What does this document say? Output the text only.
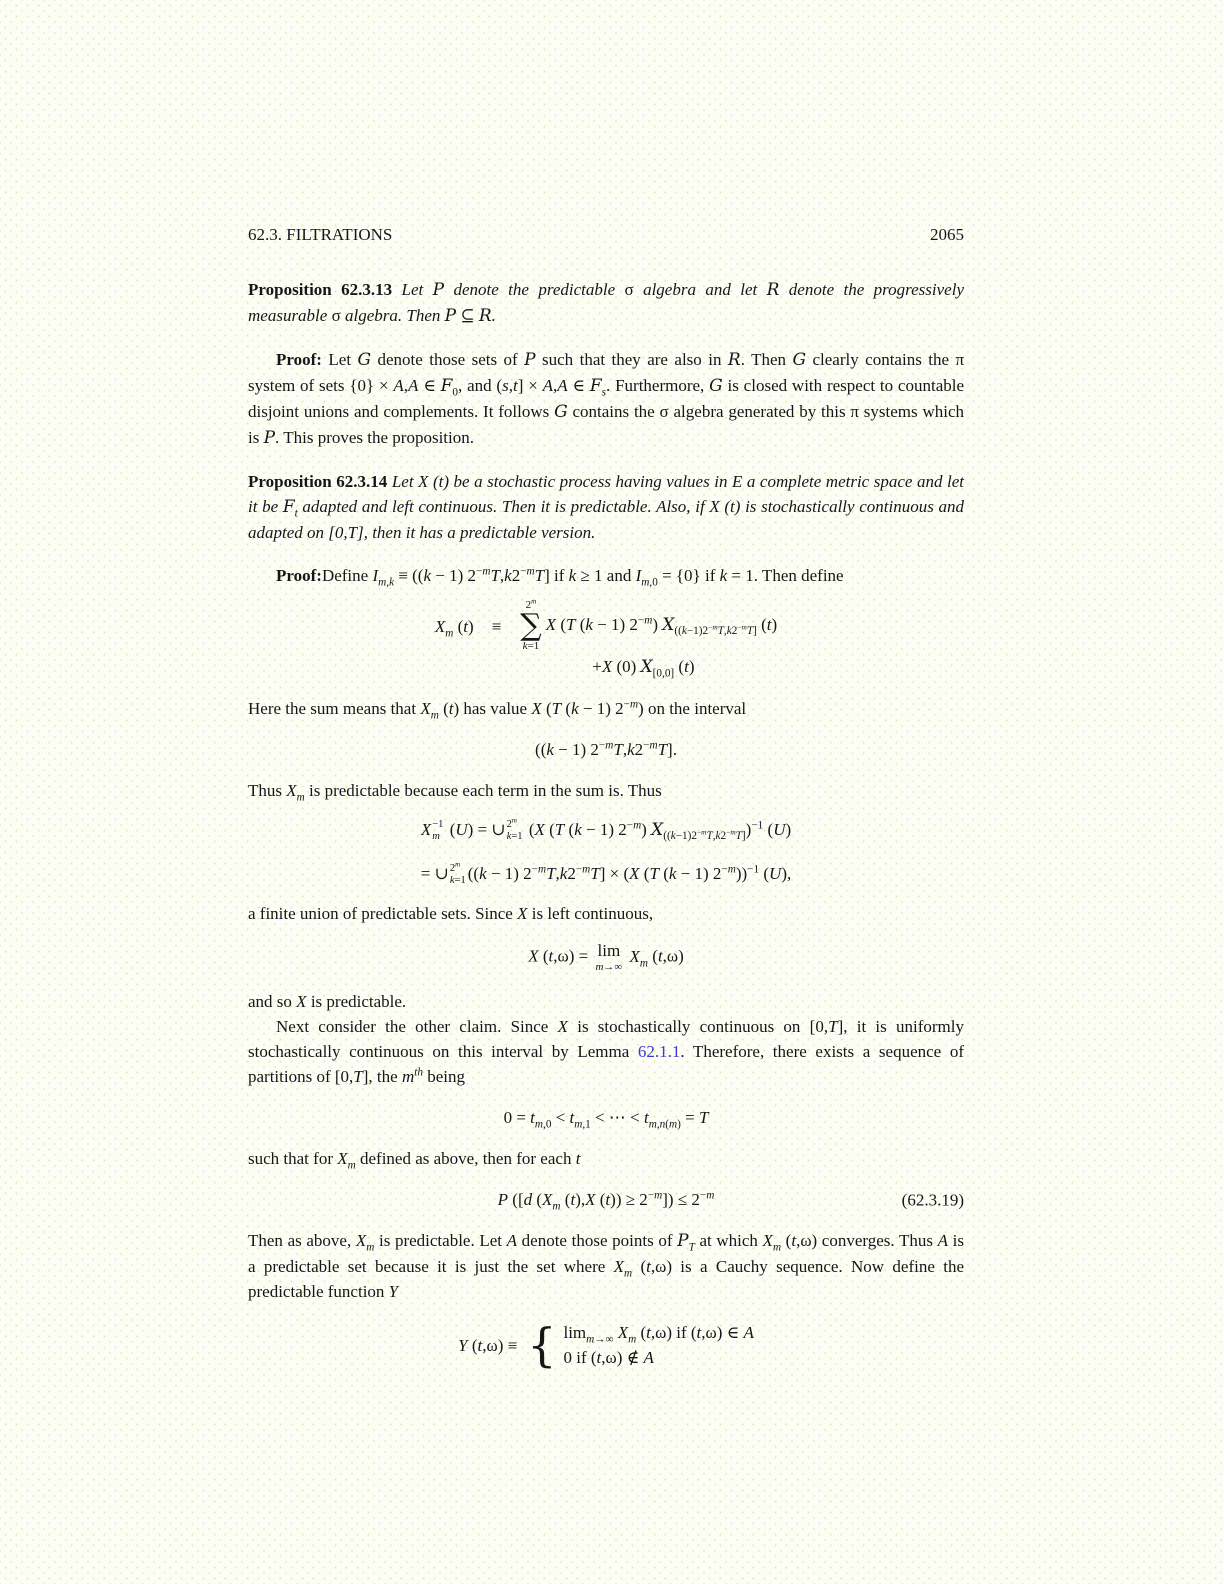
62.3. FILTRATIONS	2065
Proposition 62.3.13 Let P denote the predictable σ algebra and let R denote the progressively measurable σ algebra. Then P ⊆ R.
Proof: Let G denote those sets of P such that they are also in R. Then G clearly contains the π system of sets {0} × A,A ∈ $F_0$, and (s,t] × A,A ∈ $F_s$. Furthermore, G is closed with respect to countable disjoint unions and complements. It follows G contains the σ algebra generated by this π systems which is P. This proves the proposition.
Proposition 62.3.14 Let X (t) be a stochastic process having values in E a complete metric space and let it be $F_t$ adapted and left continuous. Then it is predictable. Also, if X (t) is stochastically continuous and adapted on [0,T], then it has a predictable version.
Proof:Define $I_{m,k} \equiv ((k - 1)$ $2^{-m}T,k2^{-m}T$] if k ≥ 1 and $I_{m,0} = \{0\}$ if k = 1. Then define
$X_m$ (t) ≡
$2^m$
∑
k=1
X (T (k − 1) $2^{-m}$) $X_{((k-1)2^{-m}T,k2^{-m}T]}$ (t)
+X (0) $X_{[0,0]}$ (t)
Here the sum means that $X_m$ (t) has value X (T (k − 1) $2^{-m}$) on the interval
((k − 1) $2^{-m}T,k2^{-m}T$].
Thus $X_m$ is predictable because each term in the sum is. Thus
X −1
m (U) = ∪ 2$^m$
k=1 (X (T (k − 1) $2^{-m}$) $X_{((k-1)2^{-m}T,k2^{-m}T]})^{-1}$ (U)
= ∪ 2$^m$
k=1 ((k − 1) $2^{-m}T,k2^{-m}T] \times (X$ (T (k − 1) $2^{-m}))^{-1}$ (U),
a finite union of predictable sets. Since X is left continuous,
X (t,ω) = lim
m→∞
$X_m$ (t,ω)
and so X is predictable.
Next consider the other claim. Since X is stochastically continuous on [0,T], it is uniformly stochastically continuous on this interval by Lemma 62.1.1. Therefore, there exists a sequence of partitions of [0,T], the $m^{th}$ being
$0 = t_{m,0} < t_{m,1}$ < ⋯ < $t_{m,n(m)} = T$
such that for $X_m$ defined as above, then for each t
P ([d ($X_m$ (t),X $(t)) \ge 2^{-m}]) \le 2^{-m}$	(62.3.19)
Then as above, $X_m$ is predictable. Let A denote those points of $P_T$ at which $X_m$ (t,ω) converges. Thus A is a predictable set because it is just the set where $X_m$ (t,ω) is a Cauchy sequence. Now define the predictable function Y
Y (t,ω) ≡ { $\lim_{m\to\infty} X_m$ (t,ω) if (t,ω) ∈ A
0 if (t,ω) ∉ A
